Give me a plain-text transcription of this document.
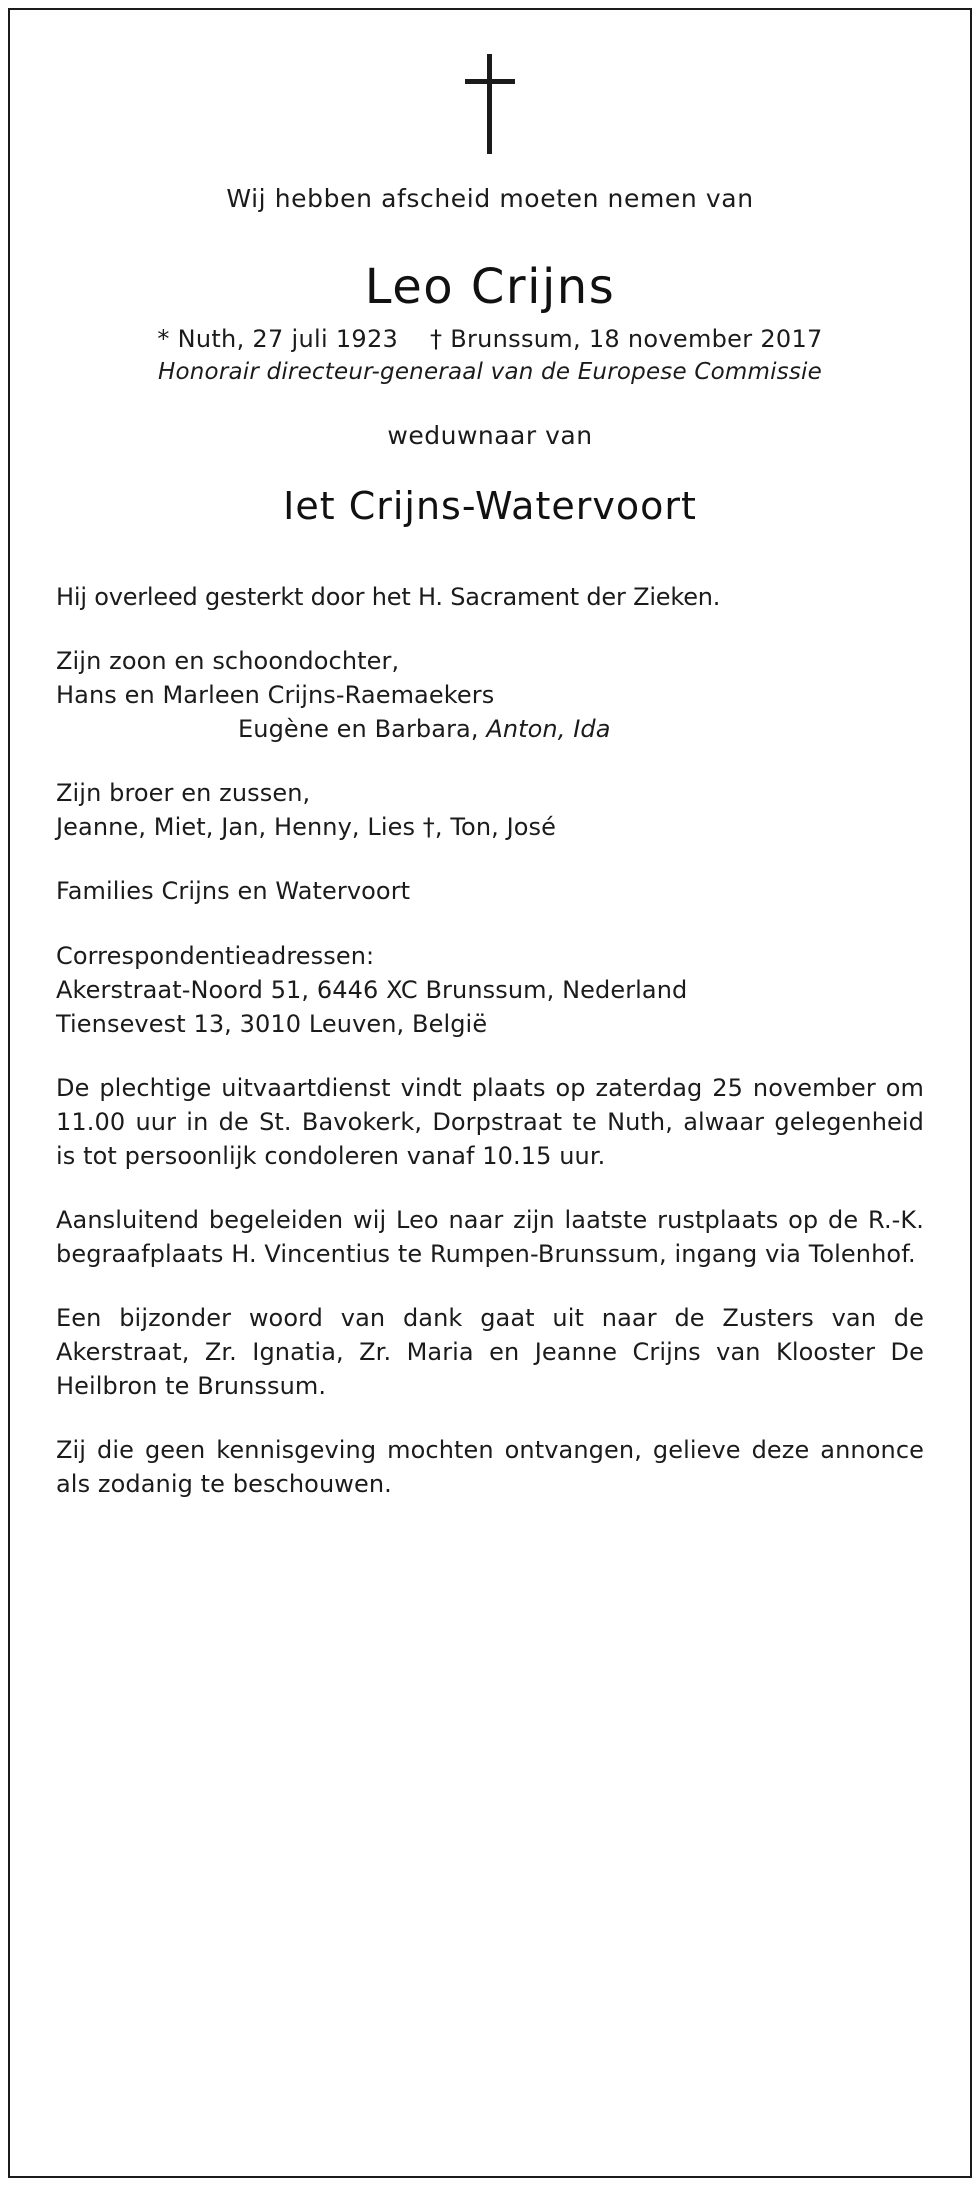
Wij hebben afscheid moeten nemen van
Leo Crijns
* Nuth, 27 juli 1923 † Brunssum, 18 november 2017
Honorair directeur-generaal van de Europese Commissie
weduwnaar van
Iet Crijns-Watervoort
Hij overleed gesterkt door het H. Sacrament der Zieken.
Zijn zoon en schoondochter,
Hans en Marleen Crijns-Raemaekers
Eugène en Barbara, Anton, Ida
Zijn broer en zussen,
Jeanne, Miet, Jan, Henny, Lies †, Ton, José
Families Crijns en Watervoort
Correspondentieadressen:
Akerstraat-Noord 51, 6446 XC Brunssum, Nederland
Tiensevest 13, 3010 Leuven, België
De plechtige uitvaartdienst vindt plaats op zaterdag 25 november om 11.00 uur in de St. Bavokerk, Dorpstraat te Nuth, alwaar gelegenheid is tot persoonlijk condoleren vanaf 10.15 uur.
Aansluitend begeleiden wij Leo naar zijn laatste rustplaats op de R.-K. begraafplaats H. Vincentius te Rumpen-Brunssum, ingang via Tolenhof.
Een bijzonder woord van dank gaat uit naar de Zusters van de Akerstraat, Zr. Ignatia, Zr. Maria en Jeanne Crijns van Klooster De Heilbron te Brunssum.
Zij die geen kennisgeving mochten ontvangen, gelieve deze annonce als zodanig te beschouwen.
